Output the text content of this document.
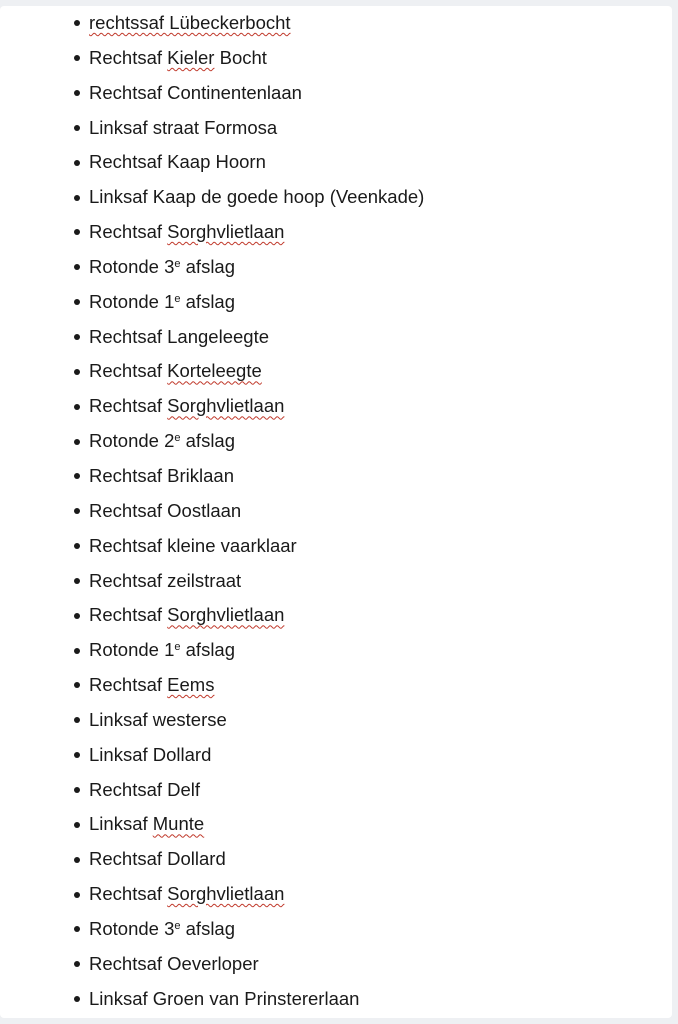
rechtssaf Lübeckerbocht
Rechtsaf Kieler Bocht
Rechtsaf Continentenlaan
Linksaf straat Formosa
Rechtsaf Kaap Hoorn
Linksaf Kaap de goede hoop (Veenkade)
Rechtsaf Sorghvlietlaan
Rotonde 3e afslag
Rotonde 1e afslag
Rechtsaf Langeleegte
Rechtsaf Korteleegte
Rechtsaf Sorghvlietlaan
Rotonde 2e afslag
Rechtsaf Briklaan
Rechtsaf Oostlaan
Rechtsaf kleine vaarklaar
Rechtsaf zeilstraat
Rechtsaf Sorghvlietlaan
Rotonde 1e afslag
Rechtsaf Eems
Linksaf westerse
Linksaf Dollard
Rechtsaf Delf
Linksaf Munte
Rechtsaf Dollard
Rechtsaf Sorghvlietlaan
Rotonde 3e afslag
Rechtsaf Oeverloper
Linksaf Groen van Prinstererlaan
